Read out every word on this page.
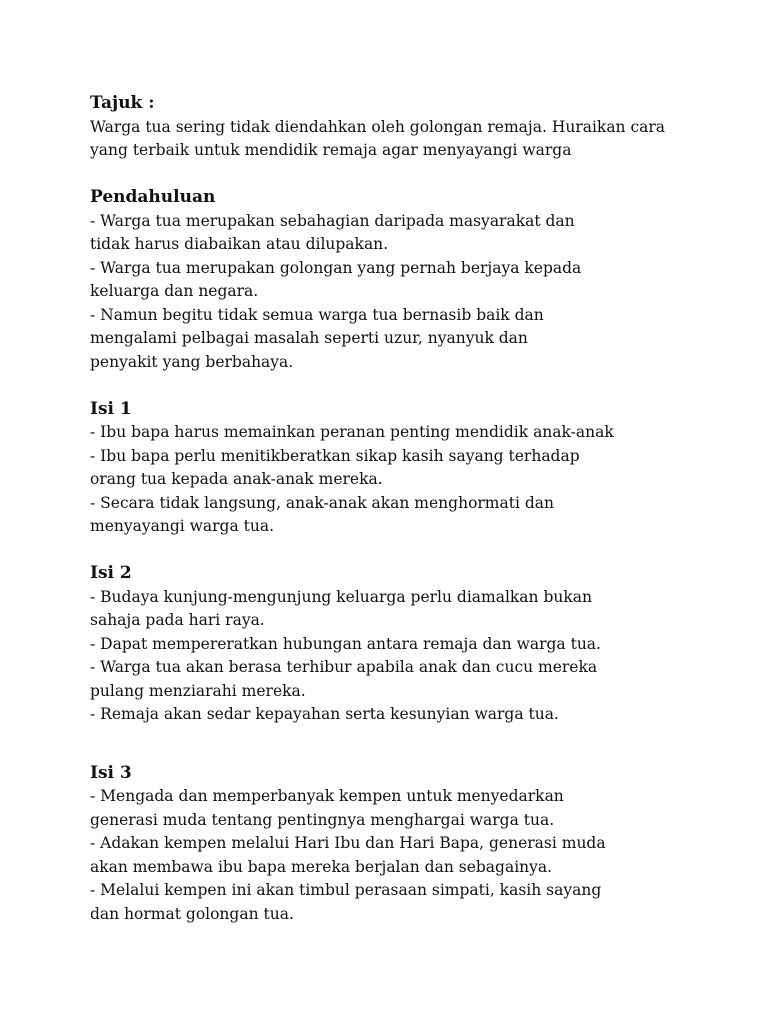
Tajuk :
Warga tua sering tidak diendahkan oleh golongan remaja. Huraikan cara
yang terbaik untuk mendidik remaja agar menyayangi warga
Pendahuluan
- Warga tua merupakan sebahagian daripada masyarakat dan
tidak harus diabaikan atau dilupakan.
- Warga tua merupakan golongan yang pernah berjaya kepada
keluarga dan negara.
- Namun begitu tidak semua warga tua bernasib baik dan
mengalami pelbagai masalah seperti uzur, nyanyuk dan
penyakit yang berbahaya.
Isi 1
- Ibu bapa harus memainkan peranan penting mendidik anak-anak
- Ibu bapa perlu menitikberatkan sikap kasih sayang terhadap
orang tua kepada anak-anak mereka.
- Secara tidak langsung, anak-anak akan menghormati dan
menyayangi warga tua.
Isi 2
- Budaya kunjung-mengunjung keluarga perlu diamalkan bukan
sahaja pada hari raya.
- Dapat mempereratkan hubungan antara remaja dan warga tua.
- Warga tua akan berasa terhibur apabila anak dan cucu mereka
pulang menziarahi mereka.
- Remaja akan sedar kepayahan serta kesunyian warga tua.
Isi 3
- Mengada dan memperbanyak kempen untuk menyedarkan
generasi muda tentang pentingnya menghargai warga tua.
- Adakan kempen melalui Hari Ibu dan Hari Bapa, generasi muda
akan membawa ibu bapa mereka berjalan dan sebagainya.
- Melalui kempen ini akan timbul perasaan simpati, kasih sayang
dan hormat golongan tua.
